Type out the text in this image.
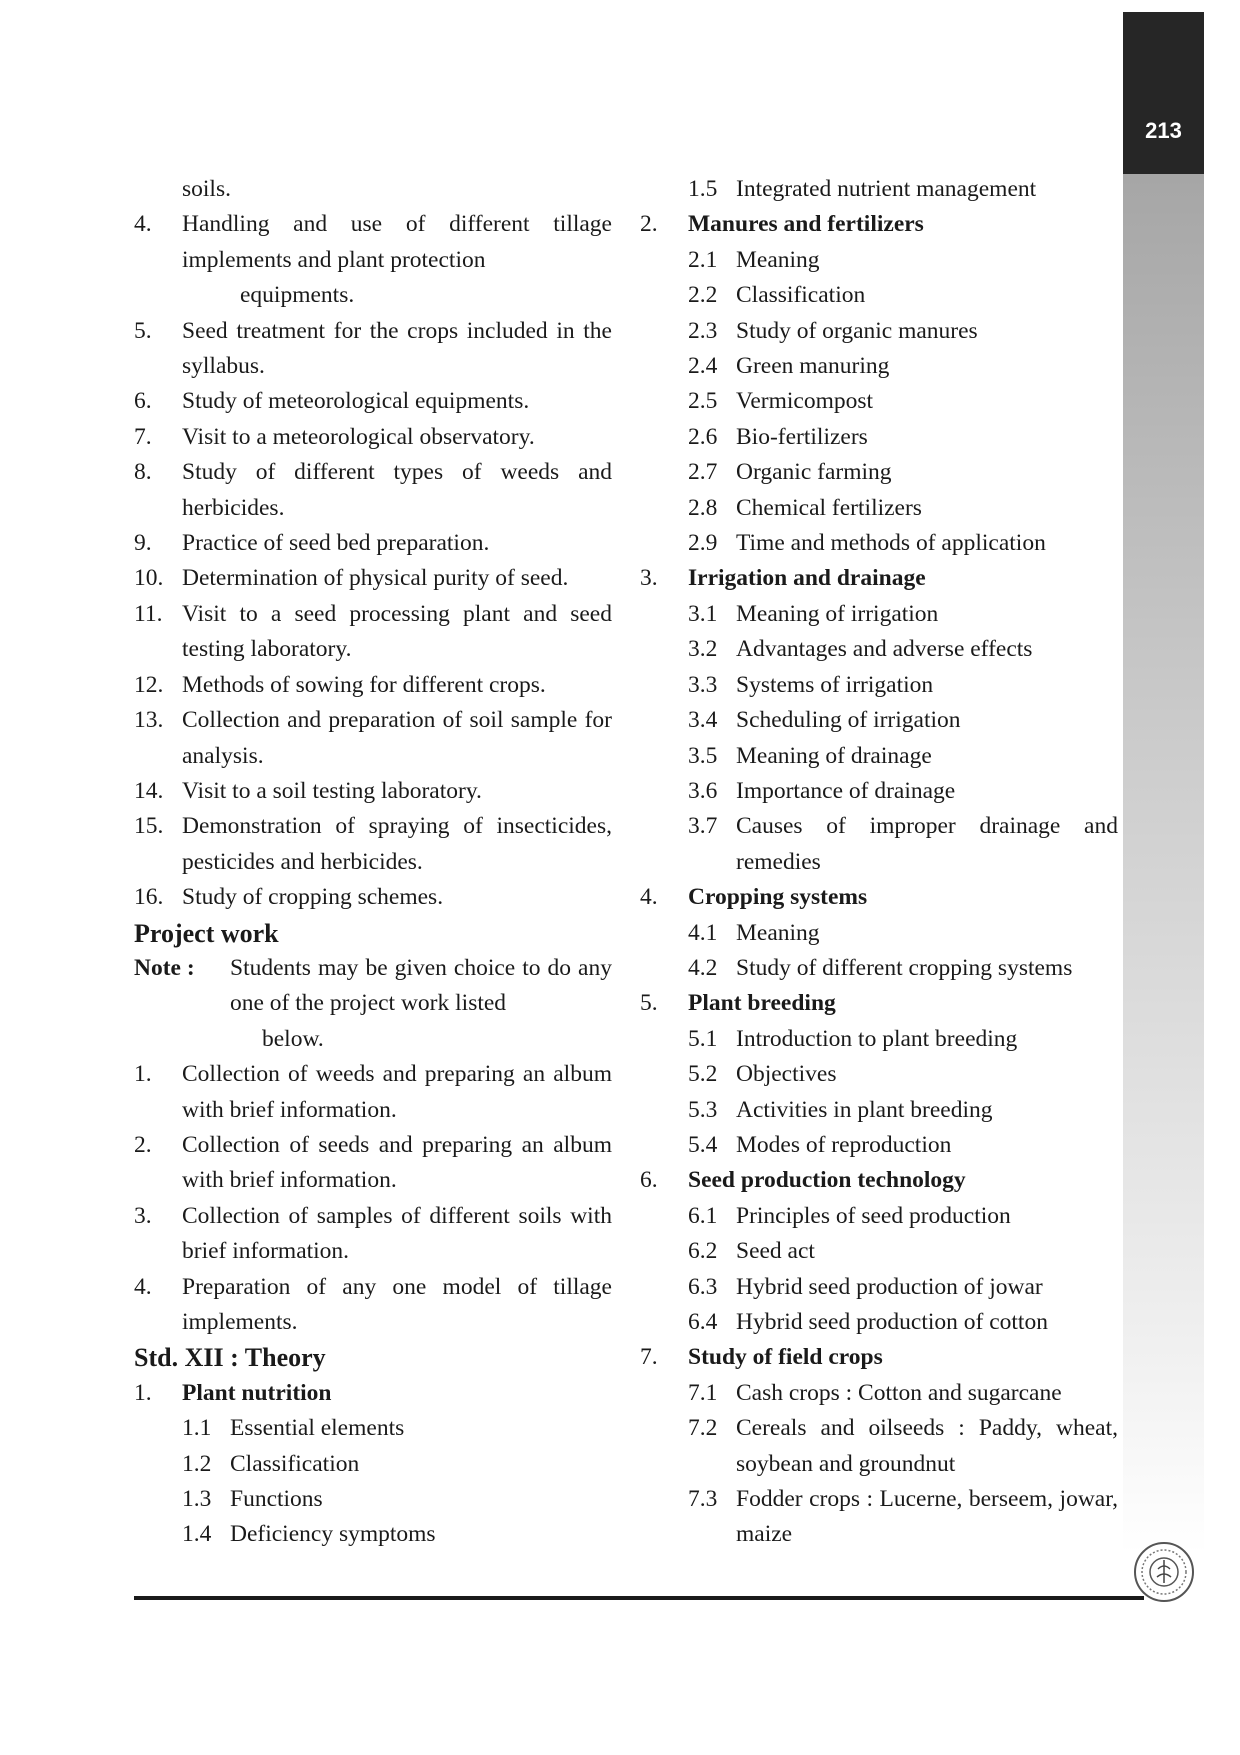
213
soils.
4.	Handling and use of different tillage implements and plant protection
equipments.
5.	Seed treatment for the crops included in the syllabus.
6.	Study of meteorological equipments.
7.	Visit to a meteorological observatory.
8.	Study of different types of weeds and herbicides.
9.	Practice of seed bed preparation.
10. Determination of physical purity of seed.
11. Visit to a seed processing plant and seed testing laboratory.
12. Methods of sowing for different crops.
13. Collection and preparation of soil sample for analysis.
14. Visit to a soil testing laboratory.
15. Demonstration of spraying of insecticides, pesticides and herbicides.
16. Study of cropping schemes.
Project work
Note :	Students may be given choice to do any one of the project work listed
below.
1.	Collection of weeds and preparing an album with brief information.
2.	Collection of seeds and preparing an album with brief information.
3.	Collection of samples of different soils with brief information.
4.	Preparation of any one model of tillage implements.
Std. XII : Theory
1.	Plant nutrition
1.1 Essential elements
1.2 Classification
1.3 Functions
1.4 Deficiency symptoms
1.5 Integrated nutrient management
2.	Manures and fertilizers
2.1 Meaning
2.2 Classification
2.3 Study of organic manures
2.4 Green manuring
2.5 Vermicompost
2.6 Bio-fertilizers
2.7 Organic farming
2.8 Chemical fertilizers
2.9 Time and methods of application
3.	Irrigation and drainage
3.1 Meaning of irrigation
3.2 Advantages and adverse effects
3.3 Systems of irrigation
3.4 Scheduling of irrigation
3.5 Meaning of drainage
3.6 Importance of drainage
3.7 Causes of improper drainage and remedies
4.	Cropping systems
4.1 Meaning
4.2 Study of different cropping systems
5.	Plant breeding
5.1 Introduction to plant breeding
5.2 Objectives
5.3 Activities in plant breeding
5.4 Modes of reproduction
6.	Seed production technology
6.1 Principles of seed production
6.2 Seed act
6.3 Hybrid seed production of jowar
6.4 Hybrid seed production of cotton
7.	Study of field crops
7.1 Cash crops : Cotton and sugarcane
7.2 Cereals and oilseeds : Paddy, wheat, soybean and groundnut
7.3 Fodder crops : Lucerne, berseem, jowar, maize
